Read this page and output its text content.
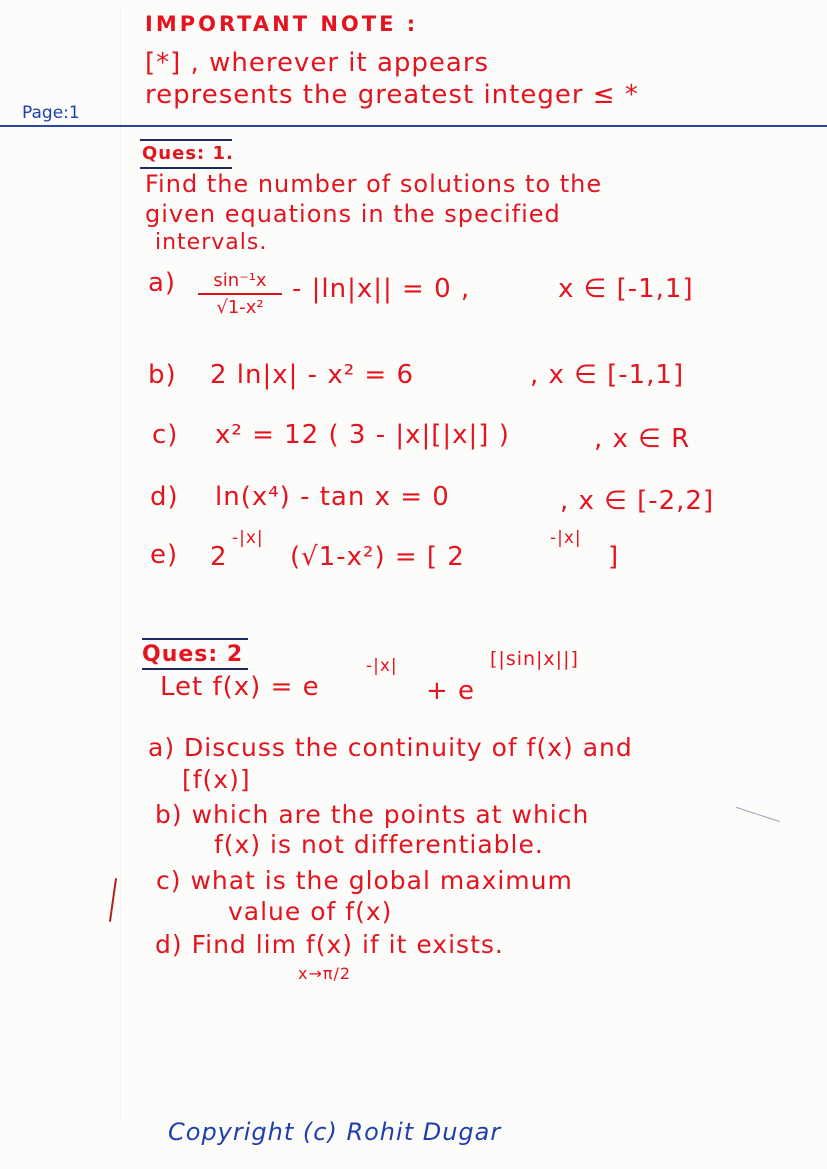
IMPORTANT NOTE :
[*] , wherever it appears
represents the greatest integer ≤ *
Page:1
Ques: 1.
Find the number of solutions to the
given equations in the specified
intervals.
a)	sin⁻¹x
√1-x²
- |ln|x|| = 0 ,	x ∈ [-1,1]
b) 2 ln|x| - x² = 6	, x ∈ [-1,1]
c) x² = 12 ( 3 - |x|[|x|] )	, x ∈ R
d) ln(x⁴) - tan x = 0	, x ∈ [-2,2]
e) 2
-|x|
(√1-x²) = [ 2
-|x|
]
Ques: 2
Let f(x) = e
-|x|
+ e
[|sin|x||]
a) Discuss the continuity of f(x) and
[f(x)]
b) which are the points at which
f(x) is not differentiable.
c) what is the global maximum
value of f(x)
d) Find lim f(x) if it exists.
x→π/2
Copyright (c) Rohit Dugar
